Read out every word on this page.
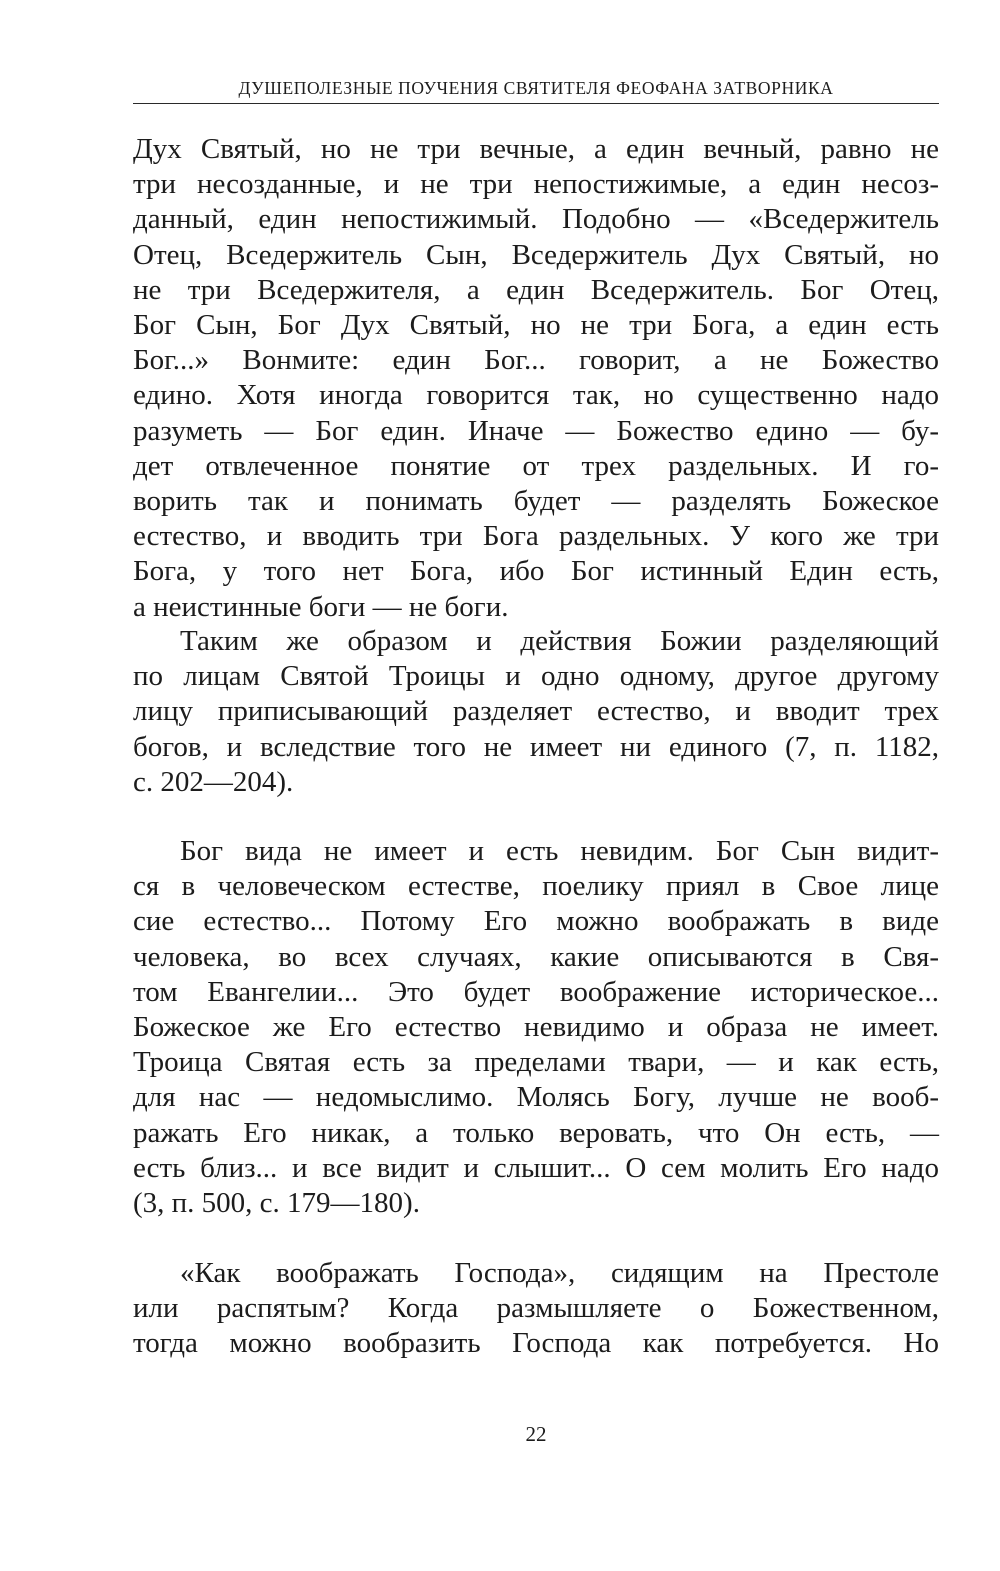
ДУШЕПОЛЕЗНЫЕ ПОУЧЕНИЯ СВЯТИТЕЛЯ ФЕОФАНА ЗАТВОРНИКА

Дух Святый, но не три вечные, а един вечный, равно не
три несозданные, и не три непостижимые, а един несоз-
данный, един непостижимый. Подобно — «Вседержитель
Отец, Вседержитель Сын, Вседержитель Дух Святый, но
не три Вседержителя, а един Вседержитель. Бог Отец,
Бог Сын, Бог Дух Святый, но не три Бога, а един есть
Бог...» Вонмите: един Бог... говорит, а не Божество
едино. Хотя иногда говорится так, но существенно надо
разуметь — Бог един. Иначе — Божество едино — бу-
дет отвлеченное понятие от трех раздельных. И го-
ворить так и понимать будет — разделять Божеское
естество, и вводить три Бога раздельных. У кого же три
Бога, у того нет Бога, ибо Бог истинный Един есть,
а неистинные боги — не боги.

Таким же образом и действия Божии разделяющий
по лицам Святой Троицы и одно одному, другое другому
лицу приписывающий разделяет естество, и вводит трех
богов, и вследствие того не имеет ни единого (7, п. 1182,
с. 202—204).

Бог вида не имеет и есть невидим. Бог Сын видит-
ся в человеческом естестве, поелику приял в Свое лице
сие естество... Потому Его можно воображать в виде
человека, во всех случаях, какие описываются в Свя-
том Евангелии... Это будет воображение историческое...
Божеское же Его естество невидимо и образа не имеет.
Троица Святая есть за пределами твари, — и как есть,
для нас — недомыслимо. Молясь Богу, лучше не вооб-
ражать Его никак, а только веровать, что Он есть, —
есть близ... и все видит и слышит... О сем молить Его надо
(3, п. 500, с. 179—180).

«Как воображать Господа», сидящим на Престоле
или распятым? Когда размышляете о Божественном,
тогда можно вообразить Господа как потребуется. Но

22
